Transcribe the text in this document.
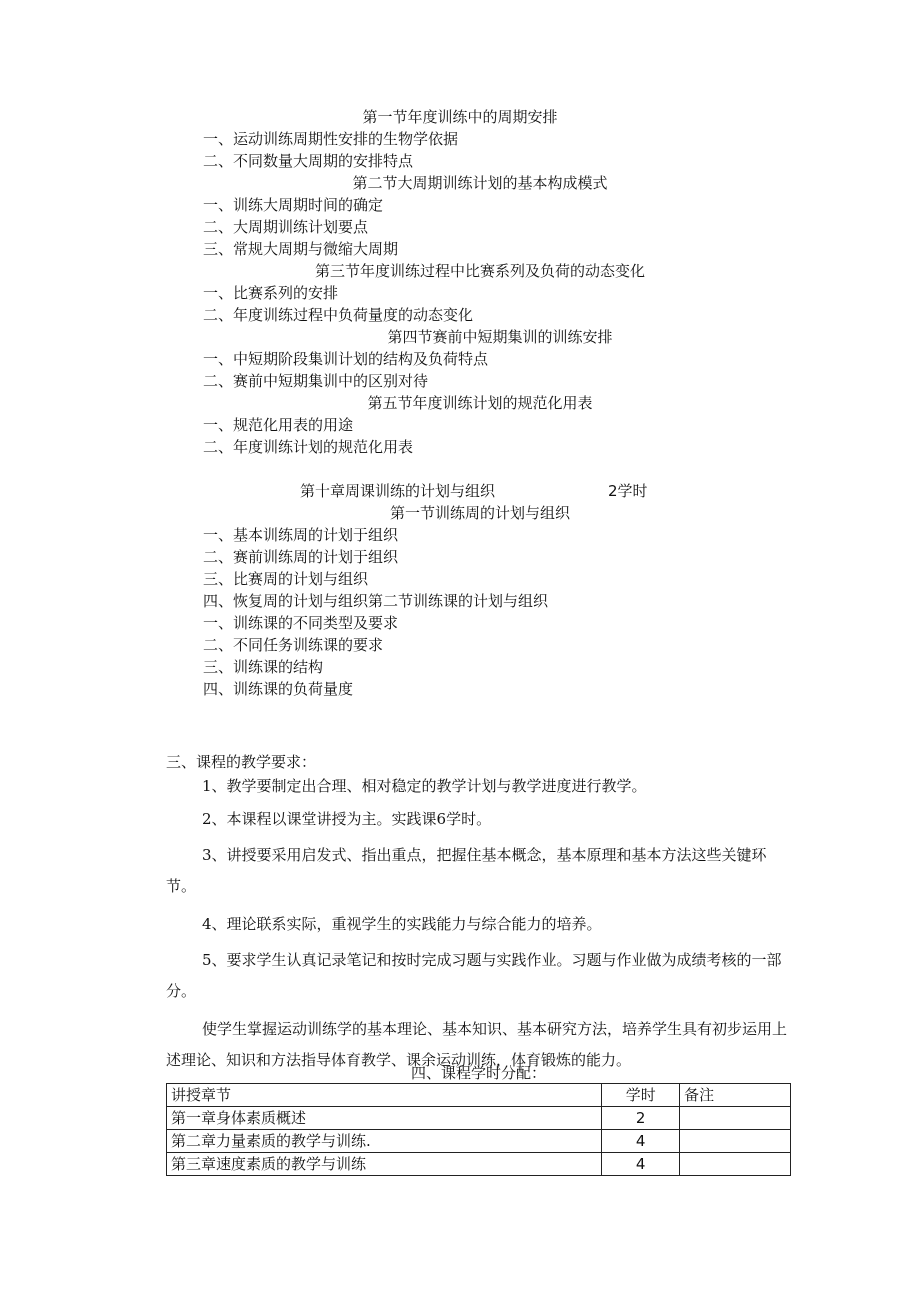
第一节年度训练中的周期安排
一、运动训练周期性安排的生物学依据
二、不同数量大周期的安排特点
第二节大周期训练计划的基本构成模式
一、训练大周期时间的确定
二、大周期训练计划要点
三、常规大周期与微缩大周期
第三节年度训练过程中比赛系列及负荷的动态变化
一、比赛系列的安排
二、年度训练过程中负荷量度的动态变化
第四节赛前中短期集训的训练安排
一、中短期阶段集训计划的结构及负荷特点
二、赛前中短期集训中的区别对待
第五节年度训练计划的规范化用表
一、规范化用表的用途
二、年度训练计划的规范化用表
第十章周课训练的计划与组织	2学时
第一节训练周的计划与组织
一、基本训练周的计划于组织
二、赛前训练周的计划于组织
三、比赛周的计划与组织
四、恢复周的计划与组织第二节训练课的计划与组织
一、训练课的不同类型及要求
二、不同任务训练课的要求
三、训练课的结构
四、训练课的负荷量度
三、课程的教学要求：
1、教学要制定出合理、相对稳定的教学计划与教学进度进行教学。
2、本课程以课堂讲授为主。实践课6学时。
3、讲授要采用启发式、指出重点，把握住基本概念，基本原理和基本方法这些关键环节。
4、理论联系实际，重视学生的实践能力与综合能力的培养。
5、要求学生认真记录笔记和按时完成习题与实践作业。习题与作业做为成绩考核的一部分。
使学生掌握运动训练学的基本理论、基本知识、基本研究方法，培养学生具有初步运用上述理论、知识和方法指导体育教学、课余运动训练，体育锻炼的能力。
四、课程学时分配：
讲授章节	学时	备注
第一章身体素质概述	2	
第二章力量素质的教学与训练.	4	
第三章速度素质的教学与训练	4	
